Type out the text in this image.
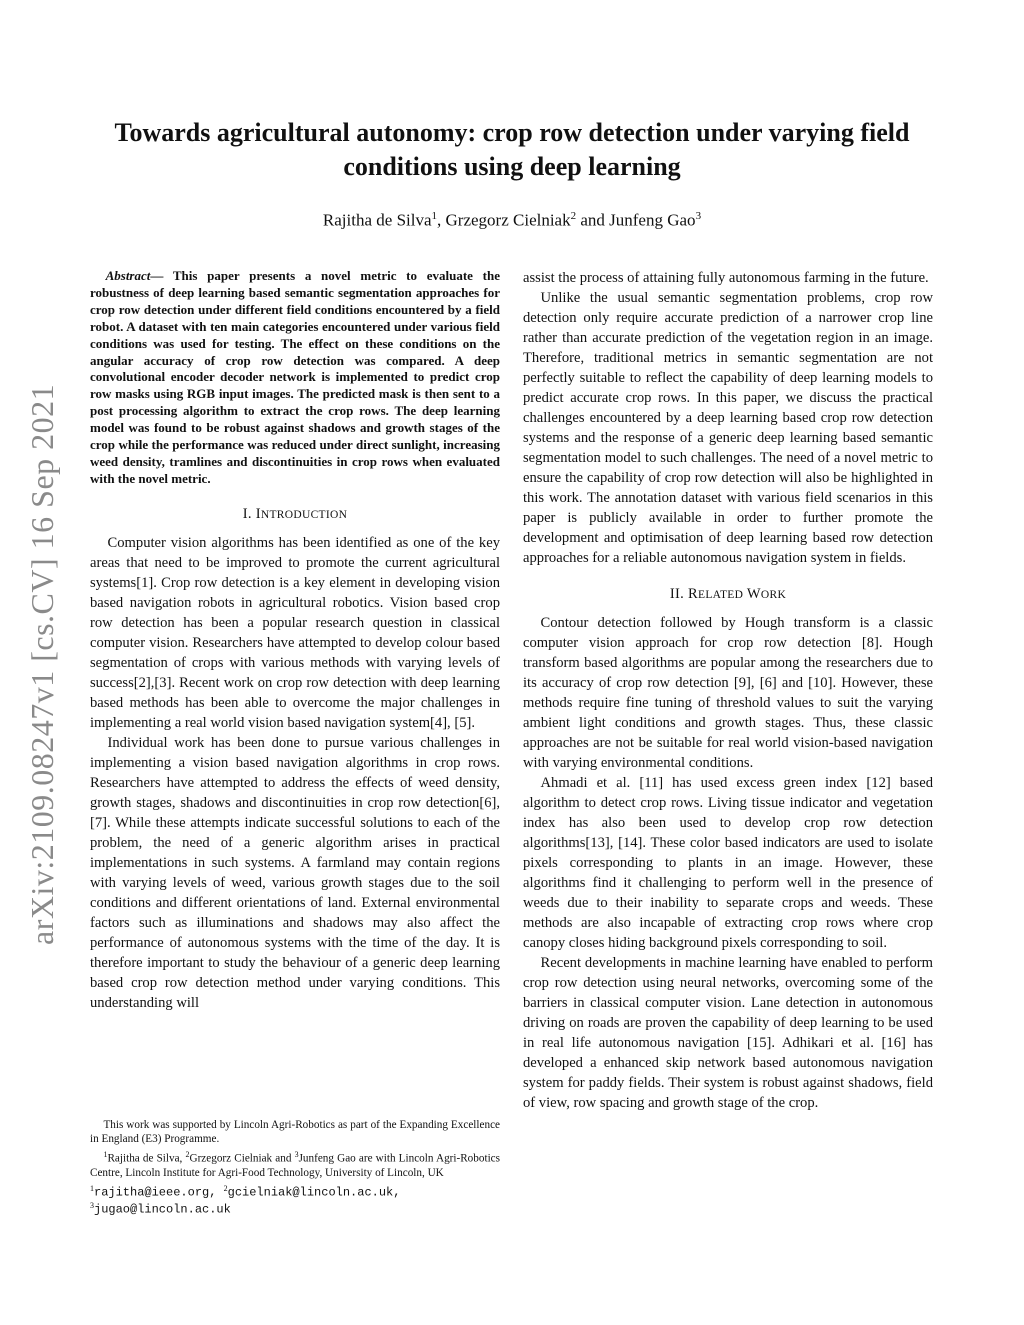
arXiv:2109.08247v1 [cs.CV] 16 Sep 2021
Towards agricultural autonomy: crop row detection under varying field
conditions using deep learning
Rajitha de Silva$^1$, Grzegorz Cielniak$^2$ and Junfeng Gao$^3$

Abstract— This paper presents a novel metric to evaluate the robustness of deep learning based semantic segmentation approaches for crop row detection under different field conditions encountered by a field robot. A dataset with ten main categories encountered under various field conditions was used for testing. The effect on these conditions on the angular accuracy of crop row detection was compared. A deep convolutional encoder decoder network is implemented to predict crop row masks using RGB input images. The predicted mask is then sent to a post processing algorithm to extract the crop rows. The deep learning model was found to be robust against shadows and growth stages of the crop while the performance was reduced under direct sunlight, increasing weed density, tramlines and discontinuities in crop rows when evaluated with the novel metric.

I. INTRODUCTION

Computer vision algorithms has been identified as one of the key areas that need to be improved to promote the current agricultural systems[1]. Crop row detection is a key element in developing vision based navigation robots in agricultural robotics. Vision based crop row detection has been a popular research question in classical computer vision. Researchers have attempted to develop colour based segmentation of crops with various methods with varying levels of success[2],[3]. Recent work on crop row detection with deep learning based methods has been able to overcome the major challenges in implementing a real world vision based navigation system[4], [5].

Individual work has been done to pursue various challenges in implementing a vision based navigation algorithms in crop rows. Researchers have attempted to address the effects of weed density, growth stages, shadows and discontinuities in crop row detection[6], [7]. While these attempts indicate successful solutions to each of the problem, the need of a generic algorithm arises in practical implementations in such systems. A farmland may contain regions with varying levels of weed, various growth stages due to the soil conditions and different orientations of land. External environmental factors such as illuminations and shadows may also affect the performance of autonomous systems with the time of the day. It is therefore important to study the behaviour of a generic deep learning based crop row detection method under varying conditions. This understanding will

This work was supported by Lincoln Agri-Robotics as part of the Expanding Excellence in England (E3) Programme.

$^1$Rajitha de Silva, $^2$Grzegorz Cielniak and $^3$Junfeng Gao are with Lincoln Agri-Robotics Centre, Lincoln Institute for Agri-Food Technology, University of Lincoln, UK

$^1$rajitha@ieee.org, $^2$gcielniak@lincoln.ac.uk,
$^3$jugao@lincoln.ac.uk

assist the process of attaining fully autonomous farming in the future.

Unlike the usual semantic segmentation problems, crop row detection only require accurate prediction of a narrower crop line rather than accurate prediction of the vegetation region in an image. Therefore, traditional metrics in semantic segmentation are not perfectly suitable to reflect the capability of deep learning models to predict accurate crop rows. In this paper, we discuss the practical challenges encountered by a deep learning based crop row detection systems and the response of a generic deep learning based semantic segmentation model to such challenges. The need of a novel metric to ensure the capability of crop row detection will also be highlighted in this work. The annotation dataset with various field scenarios in this paper is publicly available in order to further promote the development and optimisation of deep learning based row detection approaches for a reliable autonomous navigation system in fields.

II. RELATED WORK

Contour detection followed by Hough transform is a classic computer vision approach for crop row detection [8]. Hough transform based algorithms are popular among the researchers due to its accuracy of crop row detection [9], [6] and [10]. However, these methods require fine tuning of threshold values to suit the varying ambient light conditions and growth stages. Thus, these classic approaches are not be suitable for real world vision-based navigation with varying environmental conditions.

Ahmadi et al. [11] has used excess green index [12] based algorithm to detect crop rows. Living tissue indicator and vegetation index has also been used to develop crop row detection algorithms[13], [14]. These color based indicators are used to isolate pixels corresponding to plants in an image. However, these algorithms find it challenging to perform well in the presence of weeds due to their inability to separate crops and weeds. These methods are also incapable of extracting crop rows where crop canopy closes hiding background pixels corresponding to soil.

Recent developments in machine learning have enabled to perform crop row detection using neural networks, overcoming some of the barriers in classical computer vision. Lane detection in autonomous driving on roads are proven the capability of deep learning to be used in real life autonomous navigation [15]. Adhikari et al. [16] has developed a enhanced skip network based autonomous navigation system for paddy fields. Their system is robust against shadows, field of view, row spacing and growth stage of the crop.
